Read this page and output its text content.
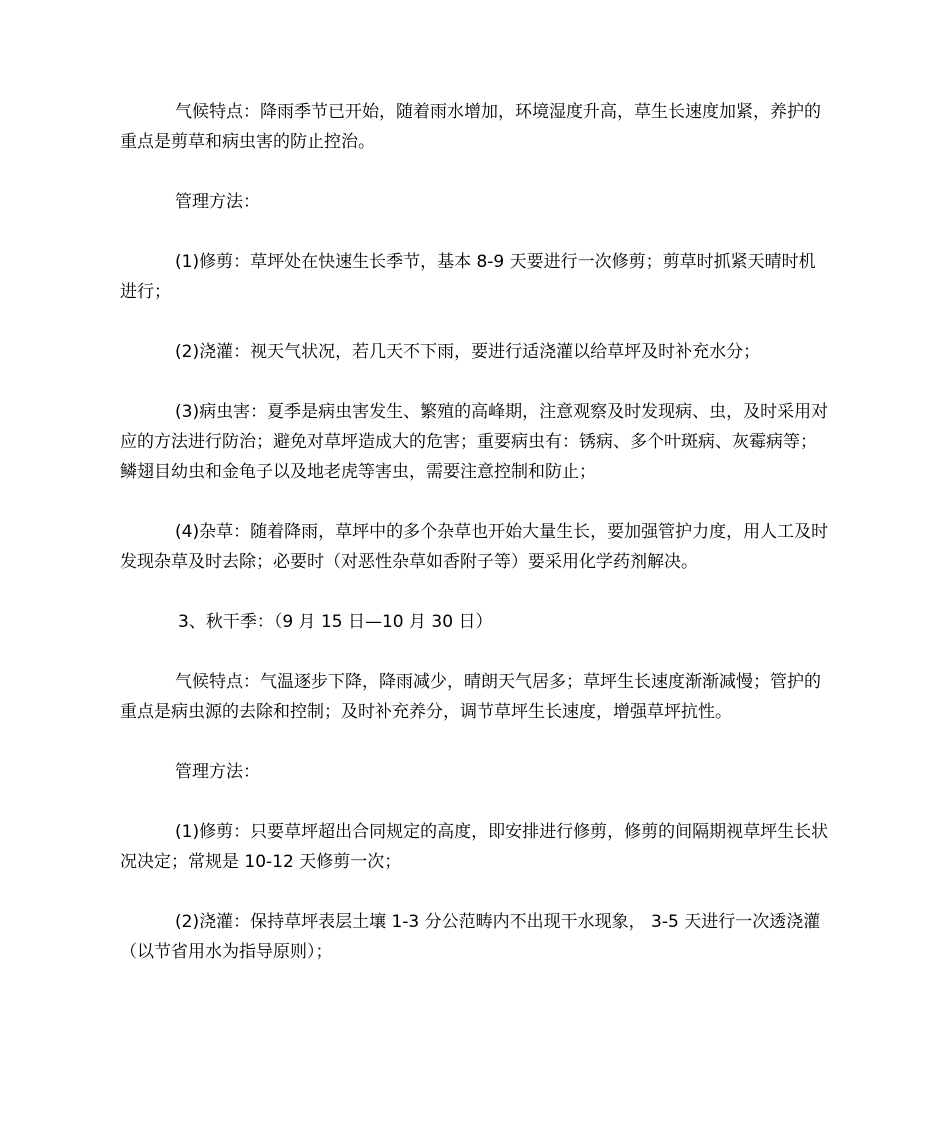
气候特点：降雨季节已开始，随着雨水增加，环境湿度升高，草生长速度加紧，养护的重点是剪草和病虫害的防止控治。

管理方法：

(1)修剪：草坪处在快速生长季节，基本 8-9 天要进行一次修剪；剪草时抓紧天晴时机进行；

(2)浇灌：视天气状况，若几天不下雨，要进行适浇灌以给草坪及时补充水分；

(3)病虫害：夏季是病虫害发生、繁殖的高峰期，注意观察及时发现病、虫，及时采用对应的方法进行防治；避免对草坪造成大的危害；重要病虫有：锈病、多个叶斑病、灰霉病等；鳞翅目幼虫和金龟子以及地老虎等害虫，需要注意控制和防止；

(4)杂草：随着降雨，草坪中的多个杂草也开始大量生长，要加强管护力度，用人工及时发现杂草及时去除；必要时（对恶性杂草如香附子等）要采用化学药剂解决。

3、秋干季：（9 月 15 日—10 月 30 日）

气候特点：气温逐步下降，降雨减少，晴朗天气居多；草坪生长速度渐渐减慢；管护的重点是病虫源的去除和控制；及时补充养分，调节草坪生长速度，增强草坪抗性。

管理方法：

(1)修剪：只要草坪超出合同规定的高度，即安排进行修剪，修剪的间隔期视草坪生长状况决定；常规是 10-12 天修剪一次；

(2)浇灌：保持草坪表层土壤 1-3 分公范畴内不出现干水现象， 3-5 天进行一次透浇灌（以节省用水为指导原则）；
